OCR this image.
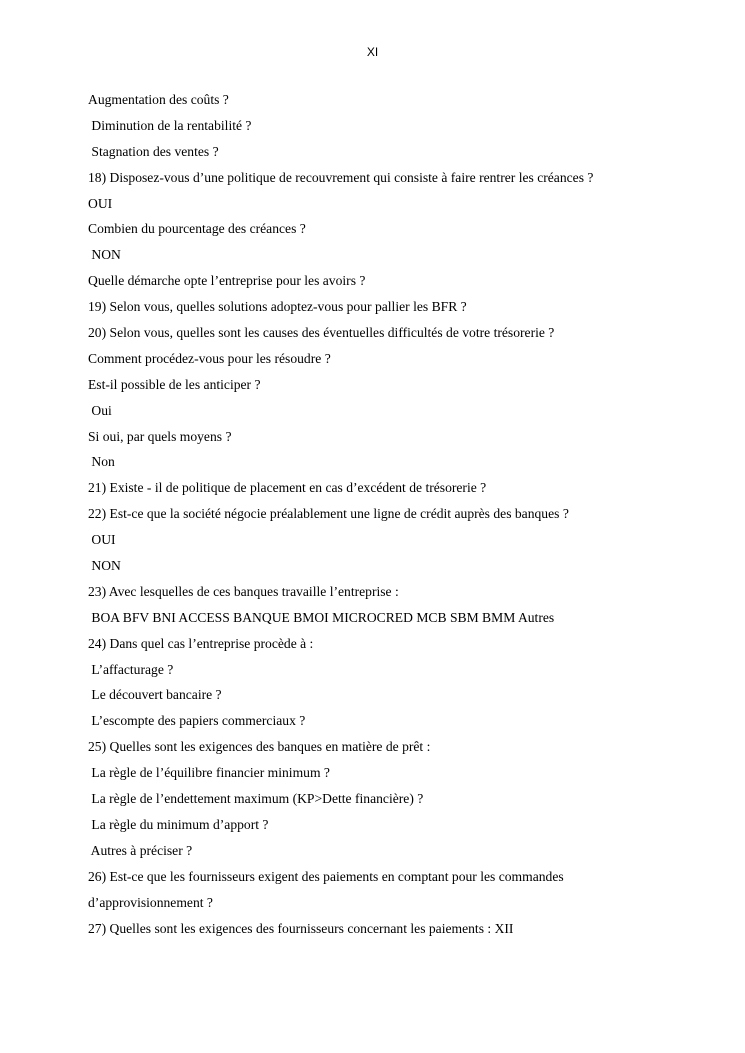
XI
Augmentation des coûts ?
Diminution de la rentabilité ?
Stagnation des ventes ?
18) Disposez-vous d’une politique de recouvrement qui consiste à faire rentrer les créances ?
OUI
Combien du pourcentage des créances ?
NON
Quelle démarche opte l’entreprise pour les avoirs ?
19) Selon vous, quelles solutions adoptez-vous pour pallier les BFR ?
20) Selon vous, quelles sont les causes des éventuelles difficultés de votre trésorerie ?
Comment procédez-vous pour les résoudre ?
Est-il possible de les anticiper ?
Oui
Si oui, par quels moyens ?
Non
21) Existe - il de politique de placement en cas d’excédent de trésorerie ?
22) Est-ce que la société négocie préalablement une ligne de crédit auprès des banques ?
OUI
NON
23) Avec lesquelles de ces banques travaille l’entreprise :
BOA BFV BNI ACCESS BANQUE BMOI MICROCRED MCB SBM BMM Autres
24) Dans quel cas l’entreprise procède à :
L’affacturage ?
Le découvert bancaire ?
L’escompte des papiers commerciaux ?
25) Quelles sont les exigences des banques en matière de prêt :
La règle de l’équilibre financier minimum ?
La règle de l’endettement maximum (KP>Dette financière) ?
La règle du minimum d’apport ?
Autres à préciser ?
26) Est-ce que les fournisseurs exigent des paiements en comptant pour les commandes
d’approvisionnement ?
27) Quelles sont les exigences des fournisseurs concernant les paiements : XII
